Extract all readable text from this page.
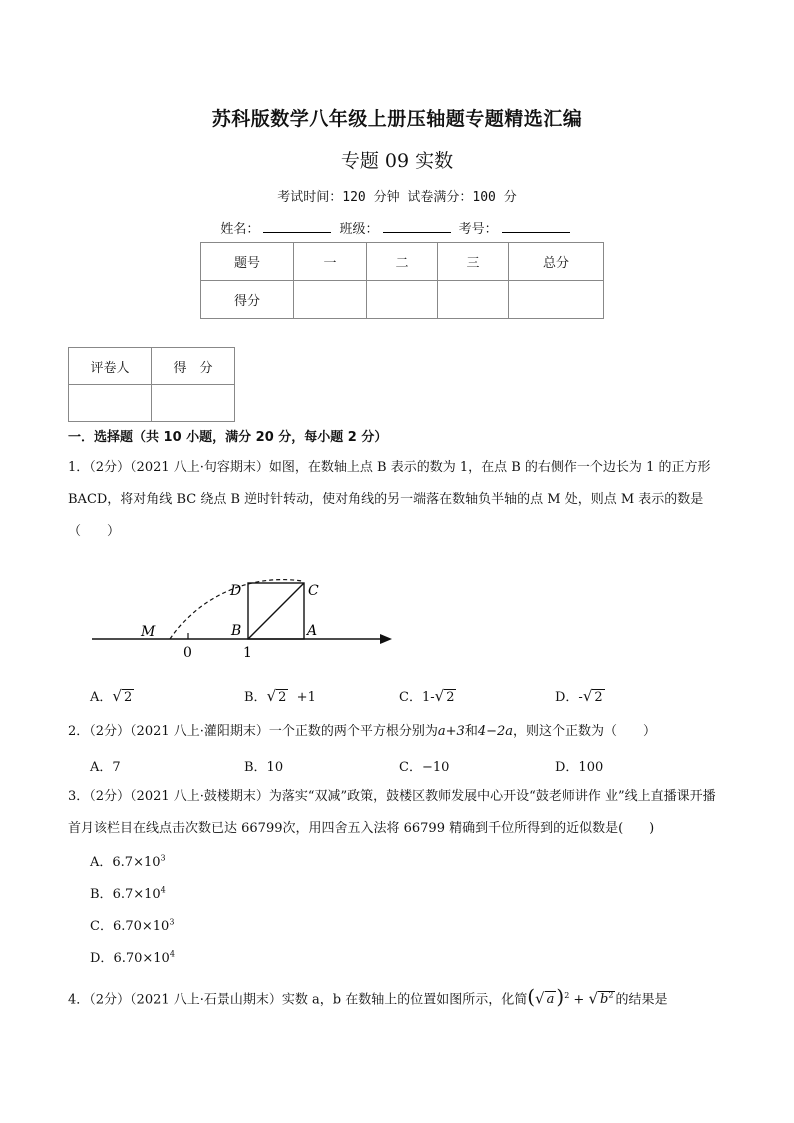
苏科版数学八年级上册压轴题专题精选汇编
专题 09 实数
考试时间：120 分钟 试卷满分：100 分
姓名：	班级：	考号：
题号	一	二	三	总分
得分				
评卷人	得　分

一．选择题（共 10 小题，满分 20 分，每小题 2 分）
1．（2分）（2021 八上·句容期末）如图，在数轴上点 B 表示的数为 1，在点 B 的右侧作一个边长为 1 的正方形BACD，将对角线 BC 绕点 B 逆时针转动，使对角线的另一端落在数轴负半轴的点 M 处，则点 M 表示的数是（　　）
D	C
B	A
M
0	1
A．√ 2	B．√ 2 +1	C．1-√ 2	D．-√ 2
2．（2分）（2021 八上·灌阳期末）一个正数的两个平方根分别为a+3和4−2a，则这个正数为（　　）
A．7	B．10	C．−10	D．100
3．（2分）（2021 八上·鼓楼期末）为落实“双减”政策，鼓楼区教师发展中心开设“鼓老师讲作 业”线上直播课开播首月该栏目在线点击次数已达 66799次，用四舍五入法将 66799 精确到千位所得到的近似数是(　　)
A．$6.7\times 10^3$
B．$6.7\times 10^4$
C．$6.70\times 10^3$
D．$6.70\times 10^4$
4．（2分）（2021 八上·石景山期末）实数 a，b 在数轴上的位置如图所示，化简(√ a )$^2$ + √ $b^2$ 的结果是
